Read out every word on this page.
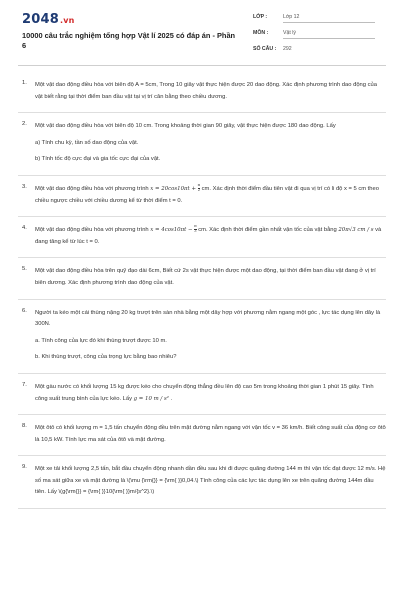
2048.vn
10000 câu trắc nghiệm tổng hợp Vật lí 2025 có đáp án - Phần 6
LỚP :	Lớp 12
MÔN :	Vật lý
SỐ CÂU : 292
1. Một vật dao động điều hòa với biên độ A = 5cm, Trong 10 giây vật thực hiện được 20 dao động. Xác định phương trình dao động của vật biết rằng tại thời điểm ban đầu vật tại vị trí cân bằng theo chiều dương.
2. Một vật dao động điều hòa với biên độ 10 cm. Trong khoảng thời gian 90 giây, vật thực hiện được 180 dao động. Lấy
a) Tính chu kỳ, tần số dao động của vật.
b) Tính tốc độ cực đại và gia tốc cực đại của vật.
3. Một vật dao động điều hòa với phương trình $x = 20\cos 10\pi t + \frac{\pi}{2}$ cm. Xác định thời điểm đầu tiên vật đi qua vị trí có li độ x = 5 cm theo chiều ngược chiều với chiều dương kể từ thời điểm t = 0.
4. Một vật dao động điều hòa với phương trình $x = 4\cos 10\pi t - \frac{\pi}{3}$ cm. Xác định thời điểm gần nhất vận tốc của vật bằng 20π√3 cm / s và đang tăng kể từ lúc t = 0.
5. Một vật dao động điều hòa trên quỹ đạo dài 6cm, Biết cứ 2s vật thực hiện được một dao động, tại thời điểm ban đầu vật đang ở vị trí biên dương. Xác định phương trình dao động của vật.
6. Người ta kéo một cái thùng nặng 20 kg trượt trên sàn nhà bằng một dây hợp với phương nằm ngang một góc , lực tác dụng lên dây là 300N.
a. Tính công của lực đó khi thùng trượt được 10 m.
b. Khi thùng trượt, công của trọng lực bằng bao nhiêu?
7. Một gàu nước có khối lượng 15 kg được kéo cho chuyển động thẳng đều lên độ cao 5m trong khoảng thời gian 1 phút 15 giây. Tính công suất trung bình của lực kéo. Lấy g = 10 m / s² .
8. Một ôtô có khối lượng m = 1,5 tấn chuyển động đều trên mặt đường nằm ngang với vận tốc v = 36 km/h. Biết công suất của động cơ ôtô là 10,5 kW. Tính lực ma sát của ôtô và mặt đường.
9. Một xe tải khối lượng 2,5 tấn, bắt đầu chuyển động nhanh dần đều sau khi đi được quãng đường 144 m thì vận tốc đạt được 12 m/s. Hệ số ma sát giữa xe và mặt đường là \(\mu {\rm{}} = {\rm{ }}0,04.\) Tính công của các lực tác dụng lên xe trên quãng đường 144m đầu tiên. Lấy \(g{\rm{}} = {\rm{ }}10{\rm{ }}m/{s^2}.\)
